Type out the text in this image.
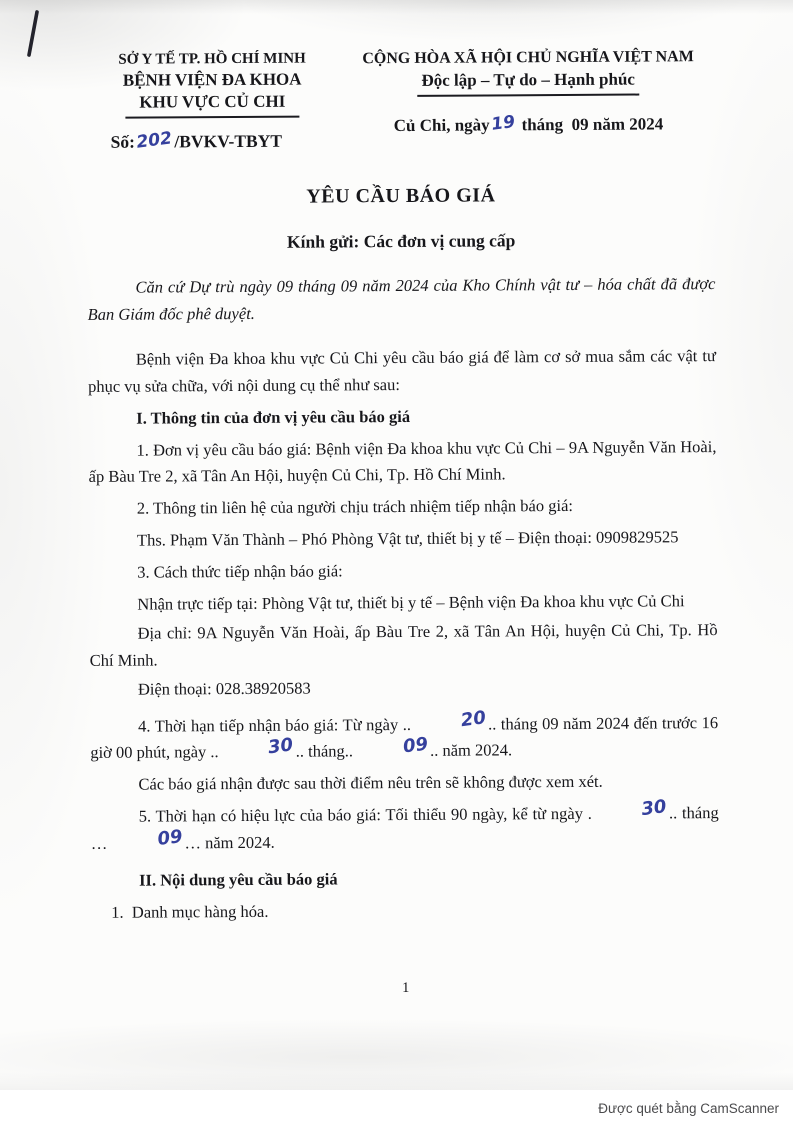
SỞ Y TẾ TP. HỒ CHÍ MINH
BỆNH VIỆN ĐA KHOA
KHU VỰC CỦ CHI
Số:202/BVKV-TBYT
CỘNG HÒA XÃ HỘI CHỦ NGHĨA VIỆT NAM
Độc lập – Tự do – Hạnh phúc
Củ Chi, ngày19 tháng  09 năm 2024
YÊU CẦU BÁO GIÁ
Kính gửi: Các đơn vị cung cấp

Căn cứ Dự trù ngày 09 tháng 09 năm 2024 của Kho Chính vật tư – hóa chất đã được Ban Giám đốc phê duyệt.

Bệnh viện Đa khoa khu vực Củ Chi yêu cầu báo giá để làm cơ sở mua sắm các vật tư phục vụ sửa chữa, với nội dung cụ thể như sau:

I. Thông tin của đơn vị yêu cầu báo giá

1. Đơn vị yêu cầu báo giá: Bệnh viện Đa khoa khu vực Củ Chi – 9A Nguyễn Văn Hoài, ấp Bàu Tre 2, xã Tân An Hội, huyện Củ Chi, Tp. Hồ Chí Minh.

2. Thông tin liên hệ của người chịu trách nhiệm tiếp nhận báo giá:

Ths. Phạm Văn Thành – Phó Phòng Vật tư, thiết bị y tế – Điện thoại: 0909829525

3. Cách thức tiếp nhận báo giá:

Nhận trực tiếp tại: Phòng Vật tư, thiết bị y tế – Bệnh viện Đa khoa khu vực Củ Chi

Địa chỉ: 9A Nguyễn Văn Hoài, ấp Bàu Tre 2, xã Tân An Hội, huyện Củ Chi, Tp. Hồ Chí Minh.

Điện thoại: 028.38920583

4. Thời hạn tiếp nhận báo giá: Từ ngày ..	20.. tháng 09 năm 2024 đến trước 16 giờ 00 phút, ngày ..	30.. tháng..	09.. năm 2024.

Các báo giá nhận được sau thời điểm nêu trên sẽ không được xem xét.

5. Thời hạn có hiệu lực của báo giá: Tối thiểu 90 ngày, kể từ ngày .	30.. tháng …	09… năm 2024.

II. Nội dung yêu cầu báo giá

1.  Danh mục hàng hóa.

1
Được quét bằng CamScanner
